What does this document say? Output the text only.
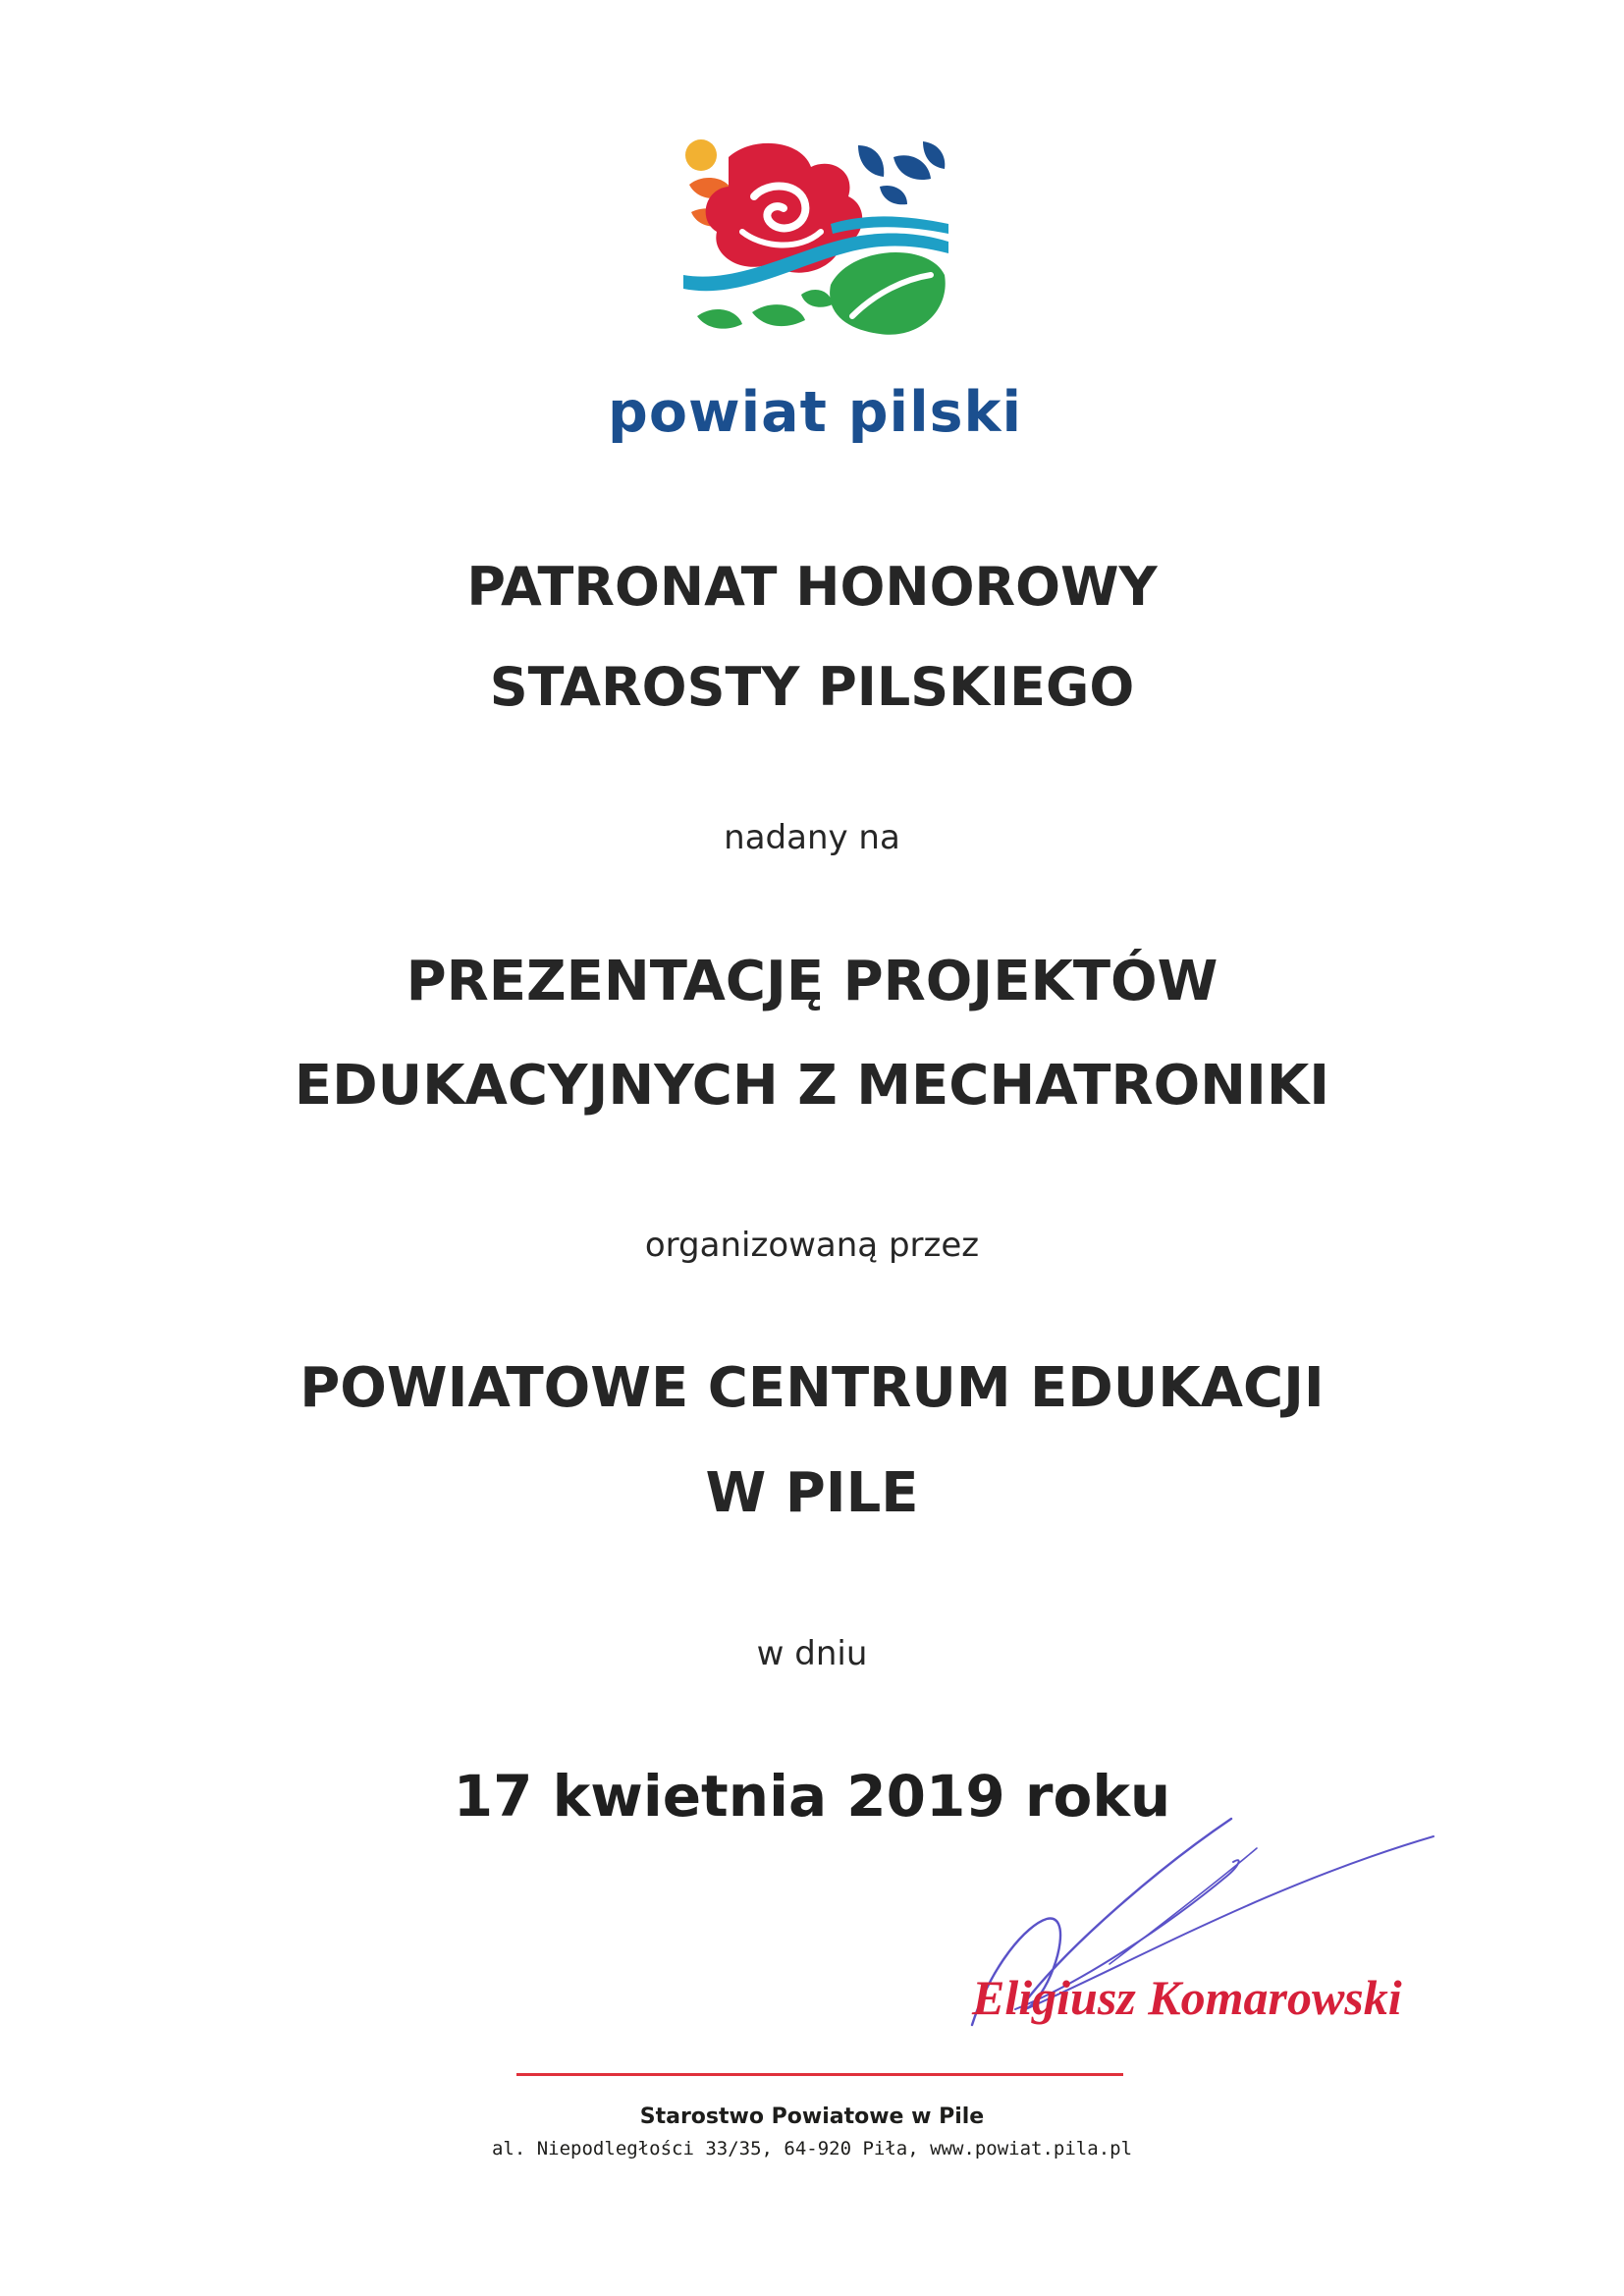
powiat pilski
PATRONAT HONOROWY
STAROSTY PILSKIEGO
nadany na
PREZENTACJĘ PROJEKTÓW
EDUKACYJNYCH Z MECHATRONIKI
organizowaną przez
POWIATOWE CENTRUM EDUKACJI
W PILE
w dniu
17 kwietnia 2019 roku
Eligiusz Komarowski
Starostwo Powiatowe w Pile
al. Niepodległości 33/35, 64-920 Piła, www.powiat.pila.pl
